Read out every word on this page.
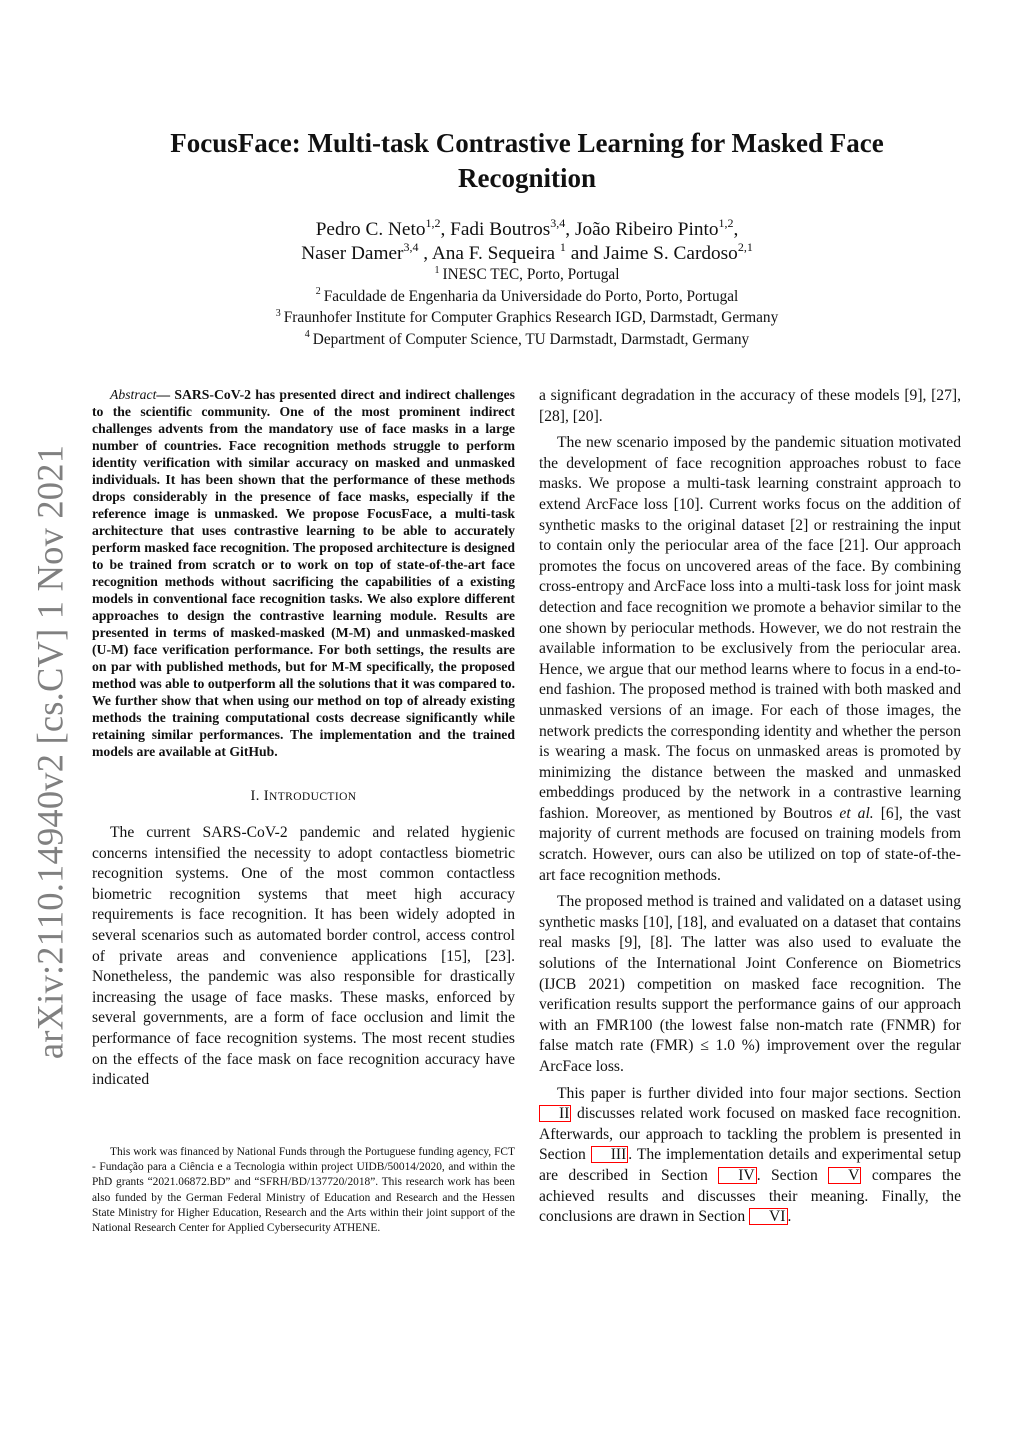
arXiv:2110.14940v2 [cs.CV] 1 Nov 2021
FocusFace: Multi-task Contrastive Learning for Masked Face Recognition
Pedro C. Neto$^{1,2}$, Fadi Boutros$^{3,4}$, João Ribeiro Pinto$^{1,2}$,
Naser Damer$^{3,4}$ , Ana F. Sequeira $^1$ and Jaime S. Cardoso$^{2,1}$
$^1$ INESC TEC, Porto, Portugal
$^2$ Faculdade de Engenharia da Universidade do Porto, Porto, Portugal
$^3$ Fraunhofer Institute for Computer Graphics Research IGD, Darmstadt, Germany
$^4$ Department of Computer Science, TU Darmstadt, Darmstadt, Germany

Abstract— SARS-CoV-2 has presented direct and indirect challenges to the scientific community. One of the most prominent indirect challenges advents from the mandatory use of face masks in a large number of countries. Face recognition methods struggle to perform identity verification with similar accuracy on masked and unmasked individuals. It has been shown that the performance of these methods drops considerably in the presence of face masks, especially if the reference image is unmasked. We propose FocusFace, a multi-task architecture that uses contrastive learning to be able to accurately perform masked face recognition. The proposed architecture is designed to be trained from scratch or to work on top of state-of-the-art face recognition methods without sacrificing the capabilities of a existing models in conventional face recognition tasks. We also explore different approaches to design the contrastive learning module. Results are presented in terms of masked-masked (M-M) and unmasked-masked (U-M) face verification performance. For both settings, the results are on par with published methods, but for M-M specifically, the proposed method was able to outperform all the solutions that it was compared to. We further show that when using our method on top of already existing methods the training computational costs decrease significantly while retaining similar performances. The implementation and the trained models are available at GitHub.

I. INTRODUCTION

The current SARS-CoV-2 pandemic and related hygienic concerns intensified the necessity to adopt contactless biometric recognition systems. One of the most common contactless biometric recognition systems that meet high accuracy requirements is face recognition. It has been widely adopted in several scenarios such as automated border control, access control of private areas and convenience applications [15], [23]. Nonetheless, the pandemic was also responsible for drastically increasing the usage of face masks. These masks, enforced by several governments, are a form of face occlusion and limit the performance of face recognition systems. The most recent studies on the effects of the face mask on face recognition accuracy have indicated

This work was financed by National Funds through the Portuguese funding agency, FCT - Fundação para a Ciência e a Tecnologia within project UIDB/50014/2020, and within the PhD grants “2021.06872.BD” and “SFRH/BD/137720/2018”. This research work has been also funded by the German Federal Ministry of Education and Research and the Hessen State Ministry for Higher Education, Research and the Arts within their joint support of the National Research Center for Applied Cybersecurity ATHENE.

a significant degradation in the accuracy of these models [9], [27], [28], [20].

The new scenario imposed by the pandemic situation motivated the development of face recognition approaches robust to face masks. We propose a multi-task learning constraint approach to extend ArcFace loss [10]. Current works focus on the addition of synthetic masks to the original dataset [2] or restraining the input to contain only the periocular area of the face [21]. Our approach promotes the focus on uncovered areas of the face. By combining cross-entropy and ArcFace loss into a multi-task loss for joint mask detection and face recognition we promote a behavior similar to the one shown by periocular methods. However, we do not restrain the available information to be exclusively from the periocular area. Hence, we argue that our method learns where to focus in a end-to-end fashion. The proposed method is trained with both masked and unmasked versions of an image. For each of those images, the network predicts the corresponding identity and whether the person is wearing a mask. The focus on unmasked areas is promoted by minimizing the distance between the masked and unmasked embeddings produced by the network in a contrastive learning fashion. Moreover, as mentioned by Boutros et al. [6], the vast majority of current methods are focused on training models from scratch. However, ours can also be utilized on top of state-of-the-art face recognition methods.

The proposed method is trained and validated on a dataset using synthetic masks [10], [18], and evaluated on a dataset that contains real masks [9], [8]. The latter was also used to evaluate the solutions of the International Joint Conference on Biometrics (IJCB 2021) competition on masked face recognition. The verification results support the performance gains of our approach with an FMR100 (the lowest false non-match rate (FNMR) for false match rate (FMR) ≤ 1.0 %) improvement over the regular ArcFace loss.

This paper is further divided into four major sections. Section II discusses related work focused on masked face recognition. Afterwards, our approach to tackling the problem is presented in Section III . The implementation details and experimental setup are described in Section IV . Section V compares the achieved results and discusses their meaning. Finally, the conclusions are drawn in Section VI .
